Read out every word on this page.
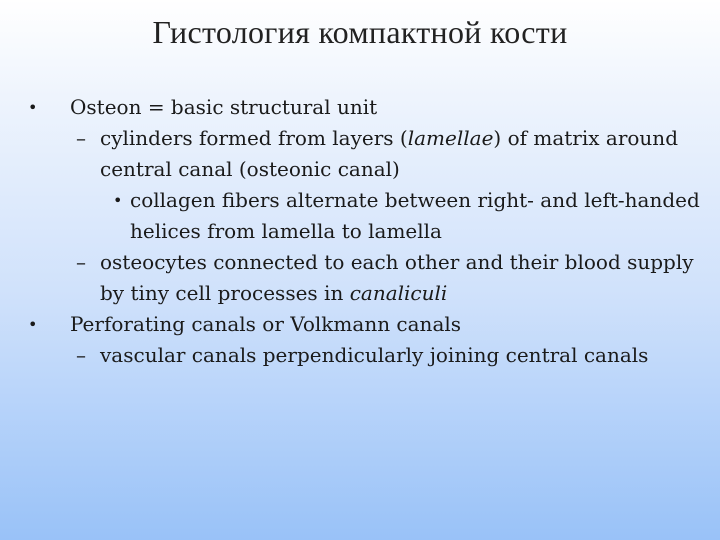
Гистология компактной кости
• Osteon = basic structural unit
– cylinders formed from layers (lamellae) of matrix around central canal (osteonic canal)
• collagen fibers alternate between right- and left-handed helices from lamella to lamella
– osteocytes connected to each other and their blood supply by tiny cell processes in canaliculi
• Perforating canals or Volkmann canals
– vascular canals perpendicularly joining central canals
